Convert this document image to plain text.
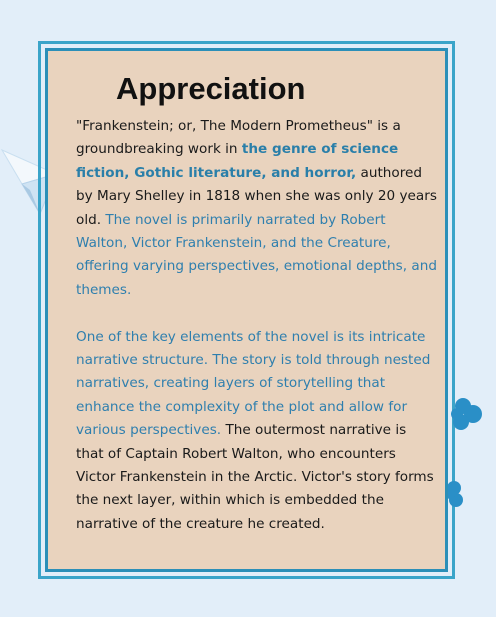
Appreciation

"Frankenstein; or, The Modern Prometheus" is a groundbreaking work in the genre of science fiction, Gothic literature, and horror, authored by Mary Shelley in 1818 when she was only 20 years old. The novel is primarily narrated by Robert Walton, Victor Frankenstein, and the Creature, offering varying perspectives, emotional depths, and themes.

One of the key elements of the novel is its intricate narrative structure. The story is told through nested narratives, creating layers of storytelling that enhance the complexity of the plot and allow for various perspectives. The outermost narrative is that of Captain Robert Walton, who encounters Victor Frankenstein in the Arctic. Victor's story forms the next layer, within which is embedded the narrative of the creature he created.
